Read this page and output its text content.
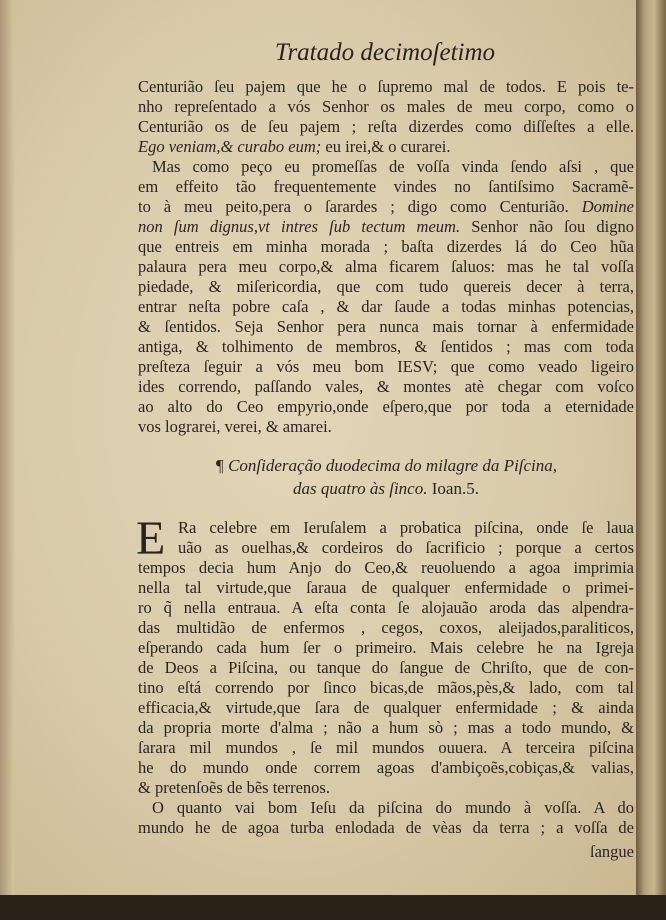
Tratado decimoſetimo
Centurião ſeu pajem que he o ſupremo mal de todos. E pois te-
nho repreſentado a vós Senhor os males de meu corpo, como o
Centurião os de ſeu pajem ; reſta dizerdes como diſſeſtes a elle.
Ego veniam,& curabo eum; eu irei,& o curarei.
Mas como peço eu promeſſas de voſſa vinda ſendo aſsi , que
em effeito tão frequentemente vindes no ſantiſsimo Sacramẽ-
to à meu peito,pera o ſarardes ; digo como Centurião. Domine
non ſum dignus,vt intres ſub tectum meum. Senhor não ſou digno
que entreis em minha morada ; baſta dizerdes lá do Ceo hũa
palaura pera meu corpo,& alma ficarem ſaluos: mas he tal voſſa
piedade, & miſericordia, que com tudo quereis decer à terra,
entrar neſta pobre caſa , & dar ſaude a todas minhas potencias,
& ſentidos. Seja Senhor pera nunca mais tornar à enfermidade
antiga, & tolhimento de membros, & ſentidos ; mas com toda
preſteza ſeguir a vós meu bom IESV; que como veado ligeiro
ides correndo, paſſando vales, & montes atè chegar com voſco
ao alto do Ceo empyrio,onde eſpero,que por toda a eternidade
vos lograrei, verei, & amarei.
¶ Conſideração duodecima do milagre da Piſcina,
das quatro às ſinco. Ioan.5.
E Ra celebre em Ieruſalem a probatica piſcina, onde ſe laua
uão as ouelhas,& cordeiros do ſacrificio ; porque a certos
tempos decia hum Anjo do Ceo,& reuoluendo a agoa imprimia
nella tal virtude,que ſaraua de qualquer enfermidade o primei-
ro q̃ nella entraua. A eſta conta ſe alojauão aroda das alpendra-
das multidão de enfermos , cegos, coxos, aleijados,paraliticos,
eſperando cada hum ſer o primeiro. Mais celebre he na Igreja
de Deos a Piſcina, ou tanque do ſangue de Chriſto, que de con-
tino eſtá correndo por ſinco bicas,de mãos,pès,& lado, com tal
efficacia,& virtude,que ſara de qualquer enfermidade ; & ainda
da propria morte d'alma ; não a hum sò ; mas a todo mundo, &
ſarara mil mundos , ſe mil mundos ouuera. A terceira piſcina
he do mundo onde correm agoas d'ambiçoẽs,cobiças,& valias,
& pretenſoẽs de bẽs terrenos.
O quanto vai bom Ieſu da piſcina do mundo à voſſa. A do
mundo he de agoa turba enlodada de vèas da terra ; a voſſa de
ſangue
